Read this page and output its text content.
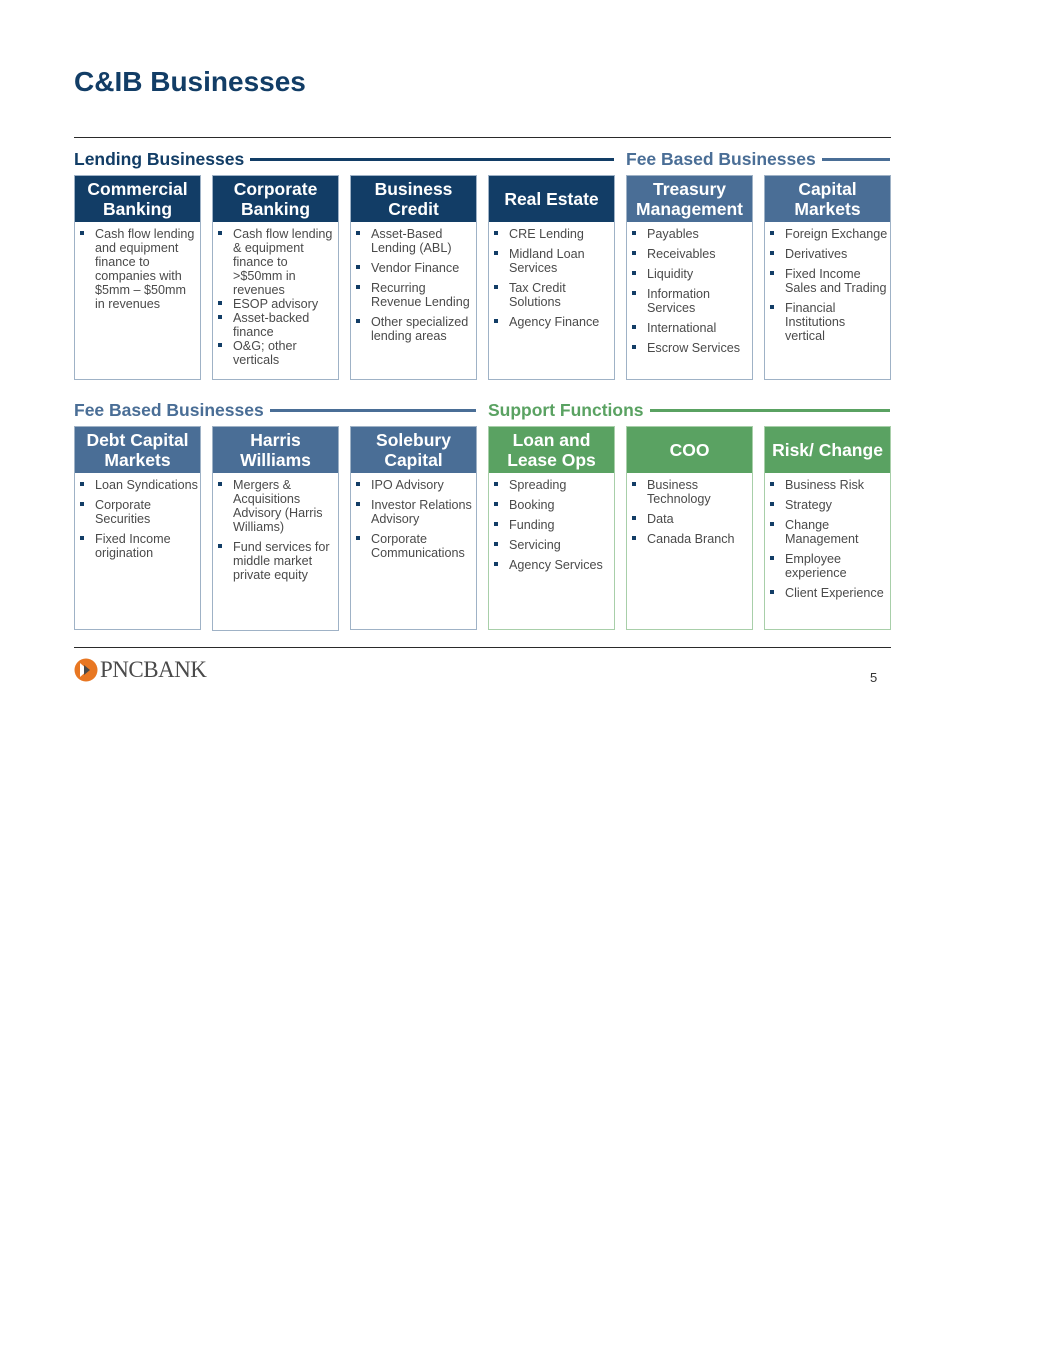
C&IB Businesses
Lending Businesses	Fee Based Businesses
Commercial Banking
Cash flow lending and equipment finance to companies with $5mm – $50mm in revenues
Corporate Banking
Cash flow lending & equipment finance to >$50mm in revenues
ESOP advisory
Asset-backed finance
O&G; other verticals
Business Credit
Asset-Based Lending (ABL)
Vendor Finance
Recurring Revenue Lending
Other specialized lending areas
Real Estate
CRE Lending
Midland Loan Services
Tax Credit Solutions
Agency Finance
Treasury Management
Payables
Receivables
Liquidity
Information Services
International
Escrow Services
Capital Markets
Foreign Exchange
Derivatives
Fixed Income Sales and Trading
Financial Institutions vertical
Fee Based Businesses	Support Functions
Debt Capital Markets
Loan Syndications
Corporate Securities
Fixed Income origination
Harris Williams
Mergers & Acquisitions Advisory (Harris Williams)
Fund services for middle market private equity
Solebury Capital
IPO Advisory
Investor Relations Advisory
Corporate Communications
Loan and Lease Ops
Spreading
Booking
Funding
Servicing
Agency Services
COO
Business Technology
Data
Canada Branch
Risk/ Change
Business Risk
Strategy
Change Management
Employee experience
Client Experience
PNCBANK	5
